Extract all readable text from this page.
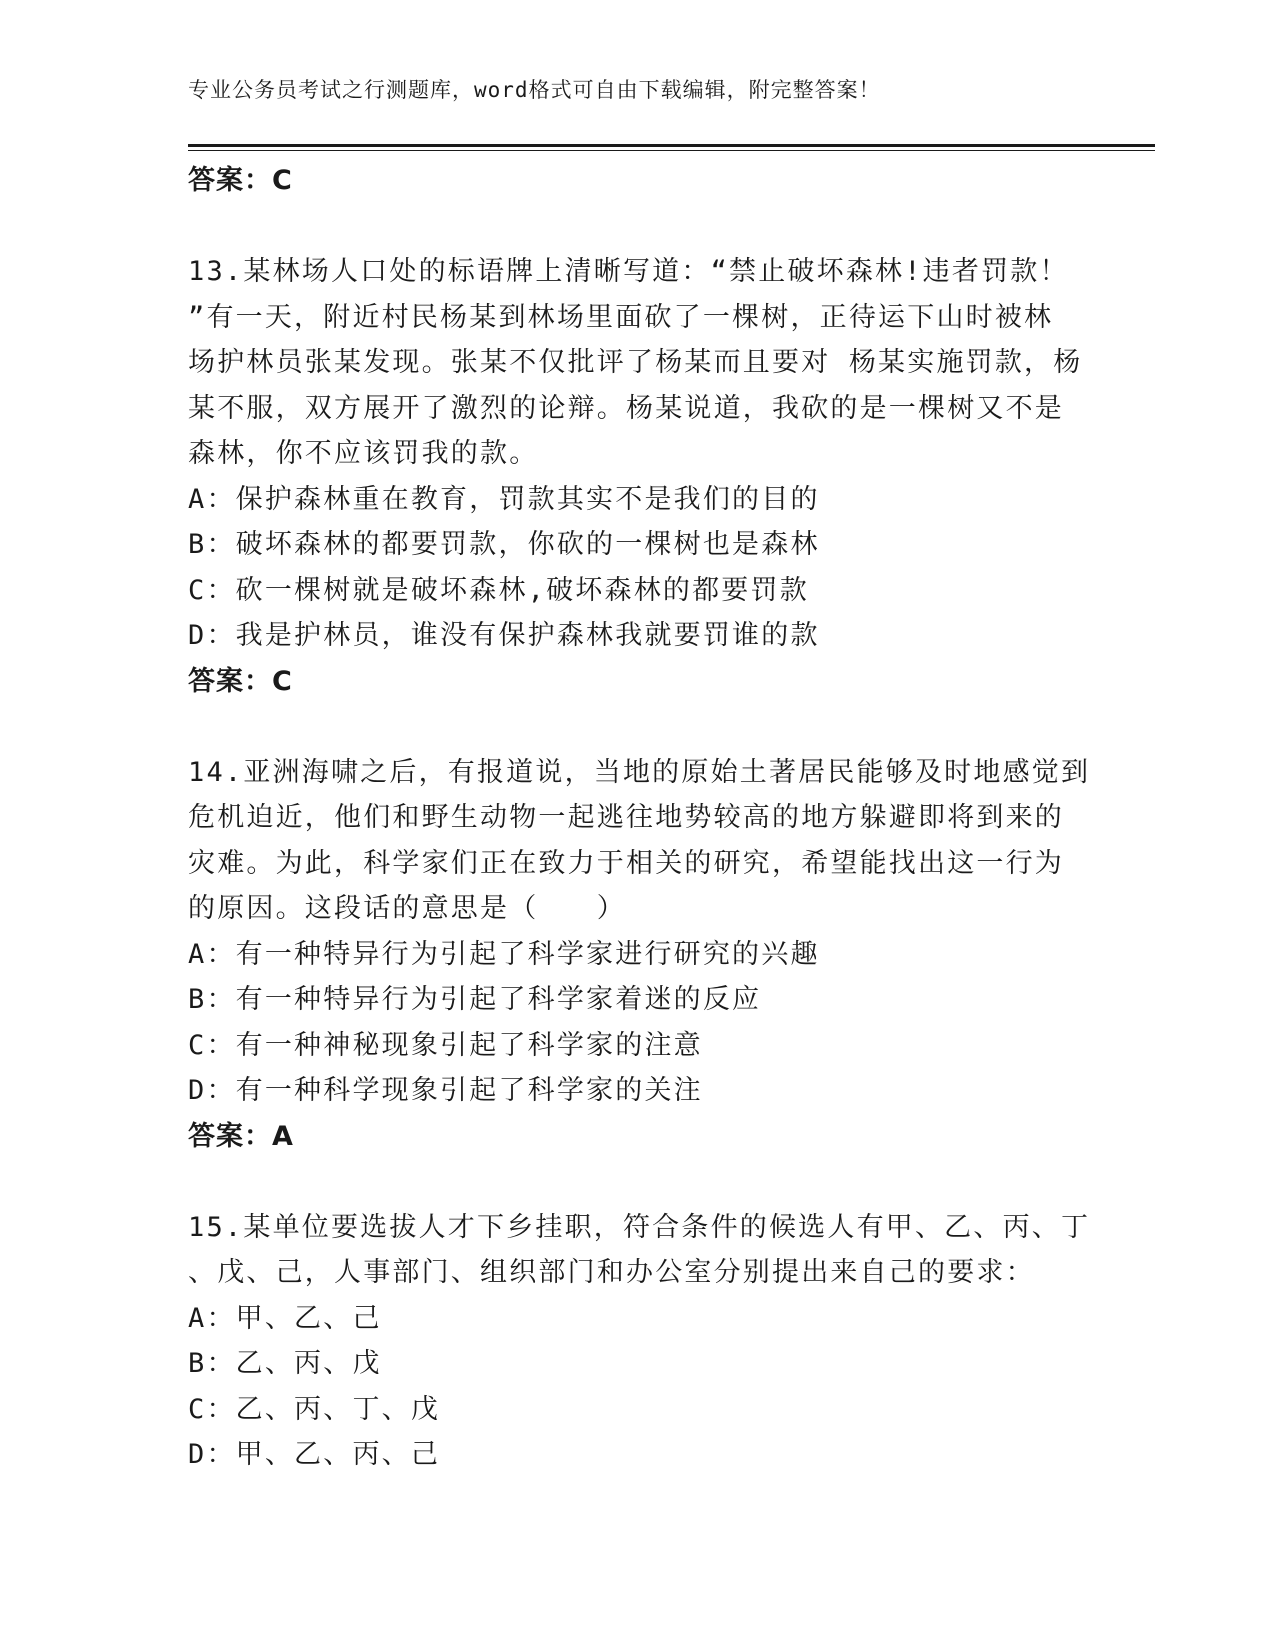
专业公务员考试之行测题库，word格式可自由下载编辑，附完整答案！
答案：C
13.某林场人口处的标语牌上清晰写道：“禁止破坏森林!违者罚款！
”有一天，附近村民杨某到林场里面砍了一棵树，正待运下山时被林
场护林员张某发现。张某不仅批评了杨某而且要对 杨某实施罚款，杨
某不服，双方展开了激烈的论辩。杨某说道，我砍的是一棵树又不是
森林，你不应该罚我的款。
A：保护森林重在教育，罚款其实不是我们的目的
B：破坏森林的都要罚款，你砍的一棵树也是森林
C：砍一棵树就是破坏森林,破坏森林的都要罚款
D：我是护林员，谁没有保护森林我就要罚谁的款
答案：C
14.亚洲海啸之后，有报道说，当地的原始土著居民能够及时地感觉到
危机迫近，他们和野生动物一起逃往地势较高的地方躲避即将到来的
灾难。为此，科学家们正在致力于相关的研究，希望能找出这一行为
的原因。这段话的意思是（　　）
A：有一种特异行为引起了科学家进行研究的兴趣
B：有一种特异行为引起了科学家着迷的反应
C：有一种神秘现象引起了科学家的注意
D：有一种科学现象引起了科学家的关注
答案：A
15.某单位要选拔人才下乡挂职，符合条件的候选人有甲、乙、丙、丁
、戊、己，人事部门、组织部门和办公室分别提出来自己的要求：
A：甲、乙、己
B：乙、丙、戊
C：乙、丙、丁、戊
D：甲、乙、丙、己
